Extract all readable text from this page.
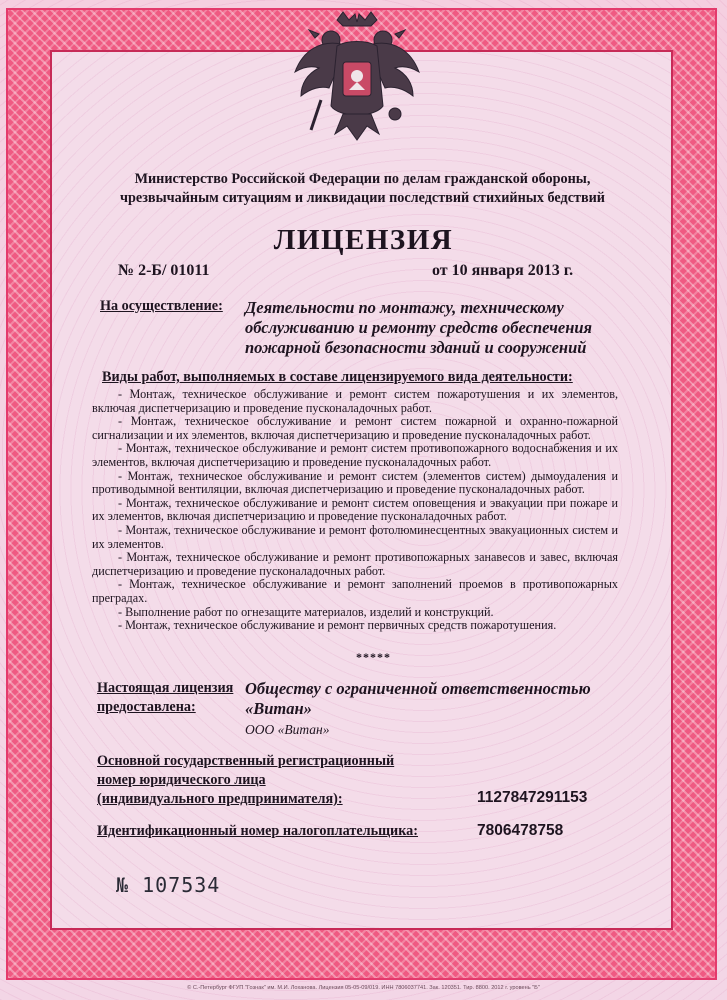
Министерство Российской Федерации по делам гражданской обороны, чрезвычайным ситуациям и ликвидации последствий стихийных бедствий
ЛИЦЕНЗИЯ
№ 2-Б/ 01011	от 10 января 2013 г.
На осуществление: Деятельности по монтажу, техническому обслуживанию и ремонту средств обеспечения пожарной безопасности зданий и сооружений
Виды работ, выполняемых в составе лицензируемого вида деятельности:

- Монтаж, техническое обслуживание и ремонт систем пожаротушения и их элементов, включая диспетчеризацию и проведение пусконаладочных работ.

- Монтаж, техническое обслуживание и ремонт систем пожарной и охранно-пожарной сигнализации и их элементов, включая диспетчеризацию и проведение пусконаладочных работ.

- Монтаж, техническое обслуживание и ремонт систем противопожарного водоснабжения и их элементов, включая диспетчеризацию и проведение пусконаладочных работ.

- Монтаж, техническое обслуживание и ремонт систем (элементов систем) дымоудаления и противодымной вентиляции, включая диспетчеризацию и проведение пусконаладочных работ.

- Монтаж, техническое обслуживание и ремонт систем оповещения и эвакуации при пожаре и их элементов, включая диспетчеризацию и проведение пусконаладочных работ.

- Монтаж, техническое обслуживание и ремонт фотолюминесцентных эвакуационных систем и их элементов.

- Монтаж, техническое обслуживание и ремонт противопожарных занавесов и завес, включая диспетчеризацию и проведение пусконаладочных работ.

- Монтаж, техническое обслуживание и ремонт заполнений проемов в противопожарных преградах.

- Выполнение работ по огнезащите материалов, изделий и конструкций.

- Монтаж, техническое обслуживание и ремонт первичных средств пожаротушения.

*****
Настоящая лицензия
предоставлена:
Обществу с ограниченной ответственностью «Витан»
ООО «Витан»
Основной государственный регистрационный
номер юридического лица
(индивидуального предпринимателя):	1127847291153
Идентификационный номер налогоплательщика:	7806478758
№ 107534
© С.-Петербург ФГУП "Гознак" им. М.И. Лоханова. Лицензия 05-05-09/019. ИНН 7806037741. Зак. 120351. Тир. 8800. 2012 г. уровень "Б"
